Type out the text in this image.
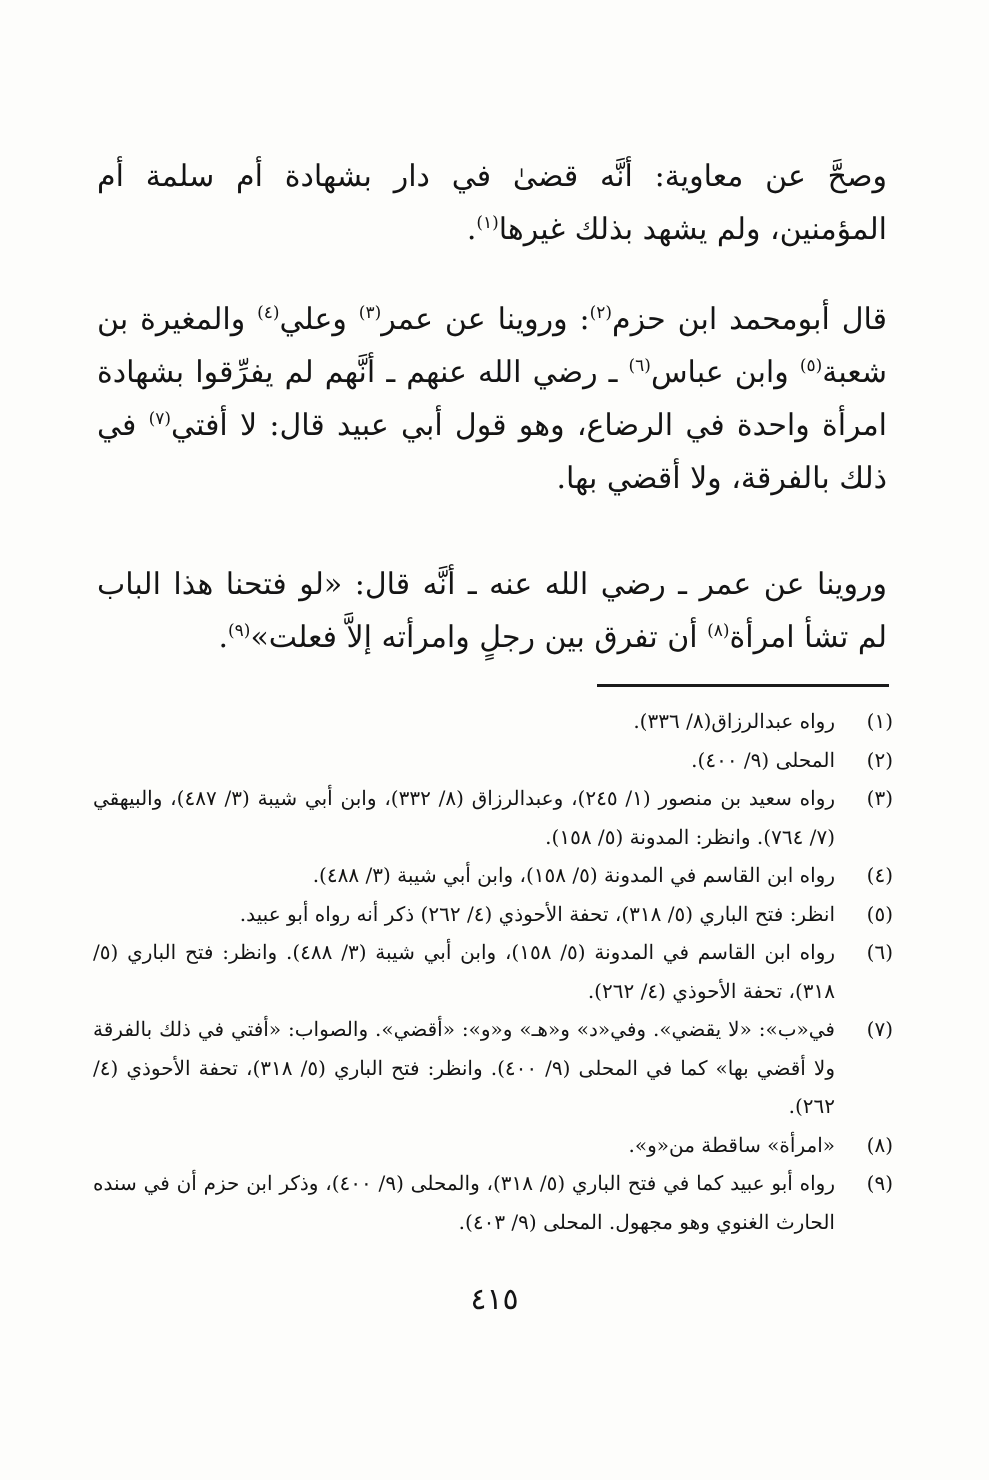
وصحَّ عن معاوية: أنَّه قضىٰ في دار بشهادة أم سلمة أم المؤمنين، ولم يشهد بذلك غيرها$^{(١)}$.

قال أبومحمد ابن حزم$^{(٢)}$: وروينا عن عمر$^{(٣)}$ وعلي$^{(٤)}$ والمغيرة بن شعبة$^{(٥)}$ وابن عباس$^{(٦)}$ ـ رضي الله عنهم ـ أنَّهم لم يفرِّقوا بشهادة امرأة واحدة في الرضاع، وهو قول أبي عبيد قال: لا أفتي$^{(٧)}$ في ذلك بالفرقة، ولا أقضي بها.

وروينا عن عمر ـ رضي الله عنه ـ أنَّه قال: «لو فتحنا هذا الباب لم تشأ امرأة$^{(٨)}$ أن تفرق بين رجلٍ وامرأته إلاَّ فعلت»$^{(٩)}$.

(١)
رواه عبدالرزاق(٨/ ٣٣٦).
(٢)
المحلى (٩/ ٤٠٠).
(٣)
رواه سعيد بن منصور (١/ ٢٤٥)، وعبدالرزاق (٨/ ٣٣٢)، وابن أبي شيبة (٣/ ٤٨٧)، والبيهقي (٧/ ٧٦٤). وانظر: المدونة (٥/ ١٥٨).
(٤)
رواه ابن القاسم في المدونة (٥/ ١٥٨)، وابن أبي شيبة (٣/ ٤٨٨).
(٥)
انظر: فتح الباري (٥/ ٣١٨)، تحفة الأحوذي (٤/ ٢٦٢) ذكر أنه رواه أبو عبيد.
(٦)
رواه ابن القاسم في المدونة (٥/ ١٥٨)، وابن أبي شيبة (٣/ ٤٨٨). وانظر: فتح الباري (٥/ ٣١٨)، تحفة الأحوذي (٤/ ٢٦٢).
(٧)
في«ب»: «لا يقضي». وفي«د» و«هـ» و«و»: «أقضي». والصواب: «أفتي في ذلك بالفرقة ولا أقضي بها» كما في المحلى (٩/ ٤٠٠). وانظر: فتح الباري (٥/ ٣١٨)، تحفة الأحوذي (٤/ ٢٦٢).
(٨)
«امرأة» ساقطة من«و».
(٩)
رواه أبو عبيد كما في فتح الباري (٥/ ٣١٨)، والمحلى (٩/ ٤٠٠)، وذكر ابن حزم أن في سنده الحارث الغنوي وهو مجهول. المحلى (٩/ ٤٠٣).
٤١٥
